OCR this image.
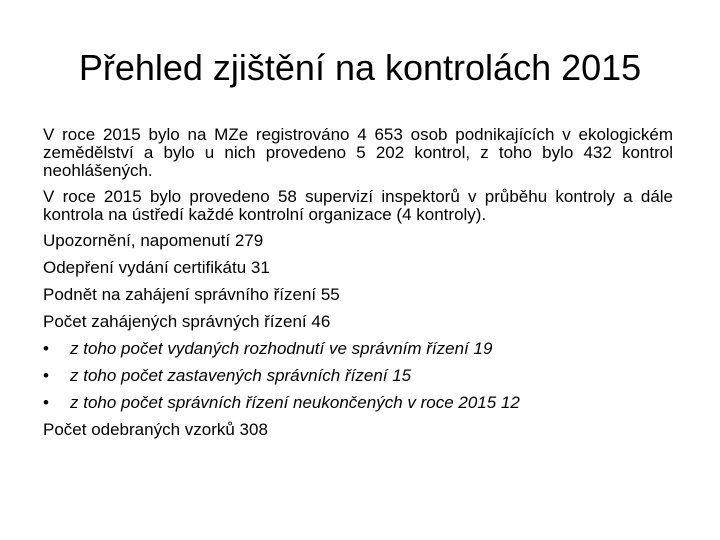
Přehled zjištění na kontrolách 2015

V roce 2015 bylo na MZe registrováno 4 653 osob podnikajících v ekologickém zemědělství a bylo u nich provedeno 5 202 kontrol, z toho bylo 432 kontrol neohlášených.

V roce 2015 bylo provedeno 58 supervizí inspektorů v průběhu kontroly a dále kontrola na ústředí každé kontrolní organizace (4 kontroly).

Upozornění, napomenutí 279
Odepření vydání certifikátu 31
Podnět na zahájení správního řízení 55
Počet zahájených správných řízení 46
• z toho počet vydaných rozhodnutí ve správním řízení 19
• z toho počet zastavených správních řízení 15
• z toho počet správních řízení neukončených v roce 2015 12
Počet odebraných vzorků 308
